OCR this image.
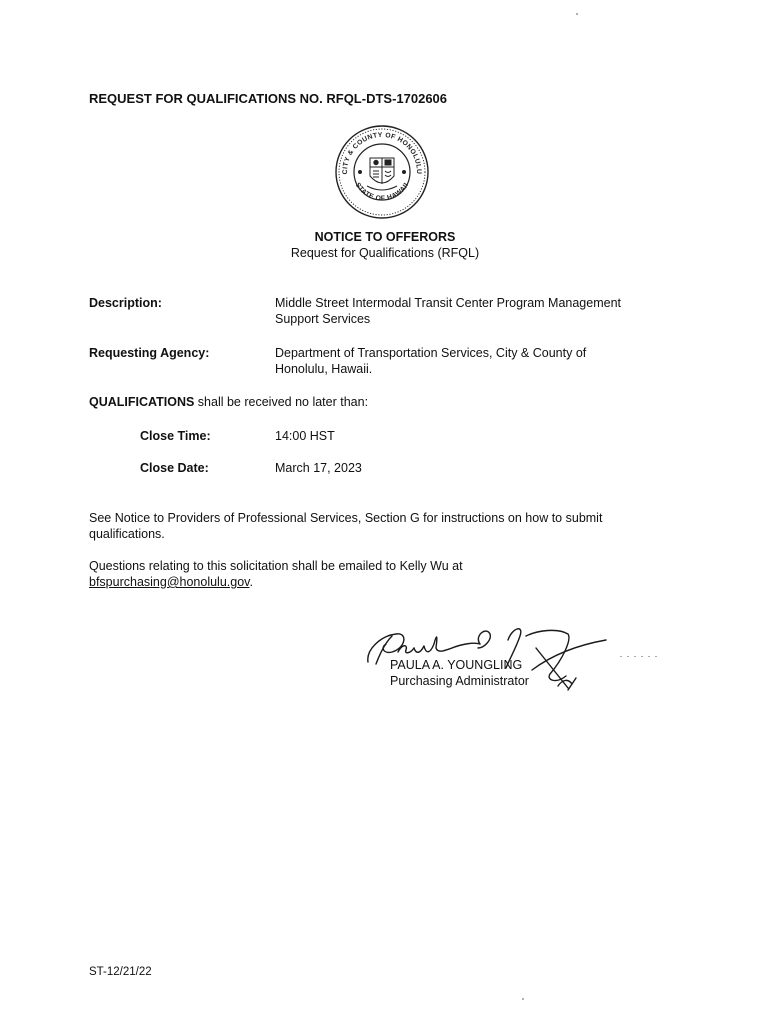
REQUEST FOR QUALIFICATIONS NO. RFQL-DTS-1702606
CITY & COUNTY OF HONOLULU
STATE OF HAWAII
NOTICE TO OFFERORS
Request for Qualifications (RFQL)
Description:	Middle Street Intermodal Transit Center Program Management
Support Services
Requesting Agency:	Department of Transportation Services, City & County of
Honolulu, Hawaii.
QUALIFICATIONS shall be received no later than:
Close Time:	14:00 HST
Close Date:	March 17, 2023
See Notice to Providers of Professional Services, Section G for instructions on how to submit
qualifications.
Questions relating to this solicitation shall be emailed to Kelly Wu at
bfspurchasing@honolulu.gov.
PAULA A. YOUNGLING
Purchasing Administrator
ST-12/21/22
